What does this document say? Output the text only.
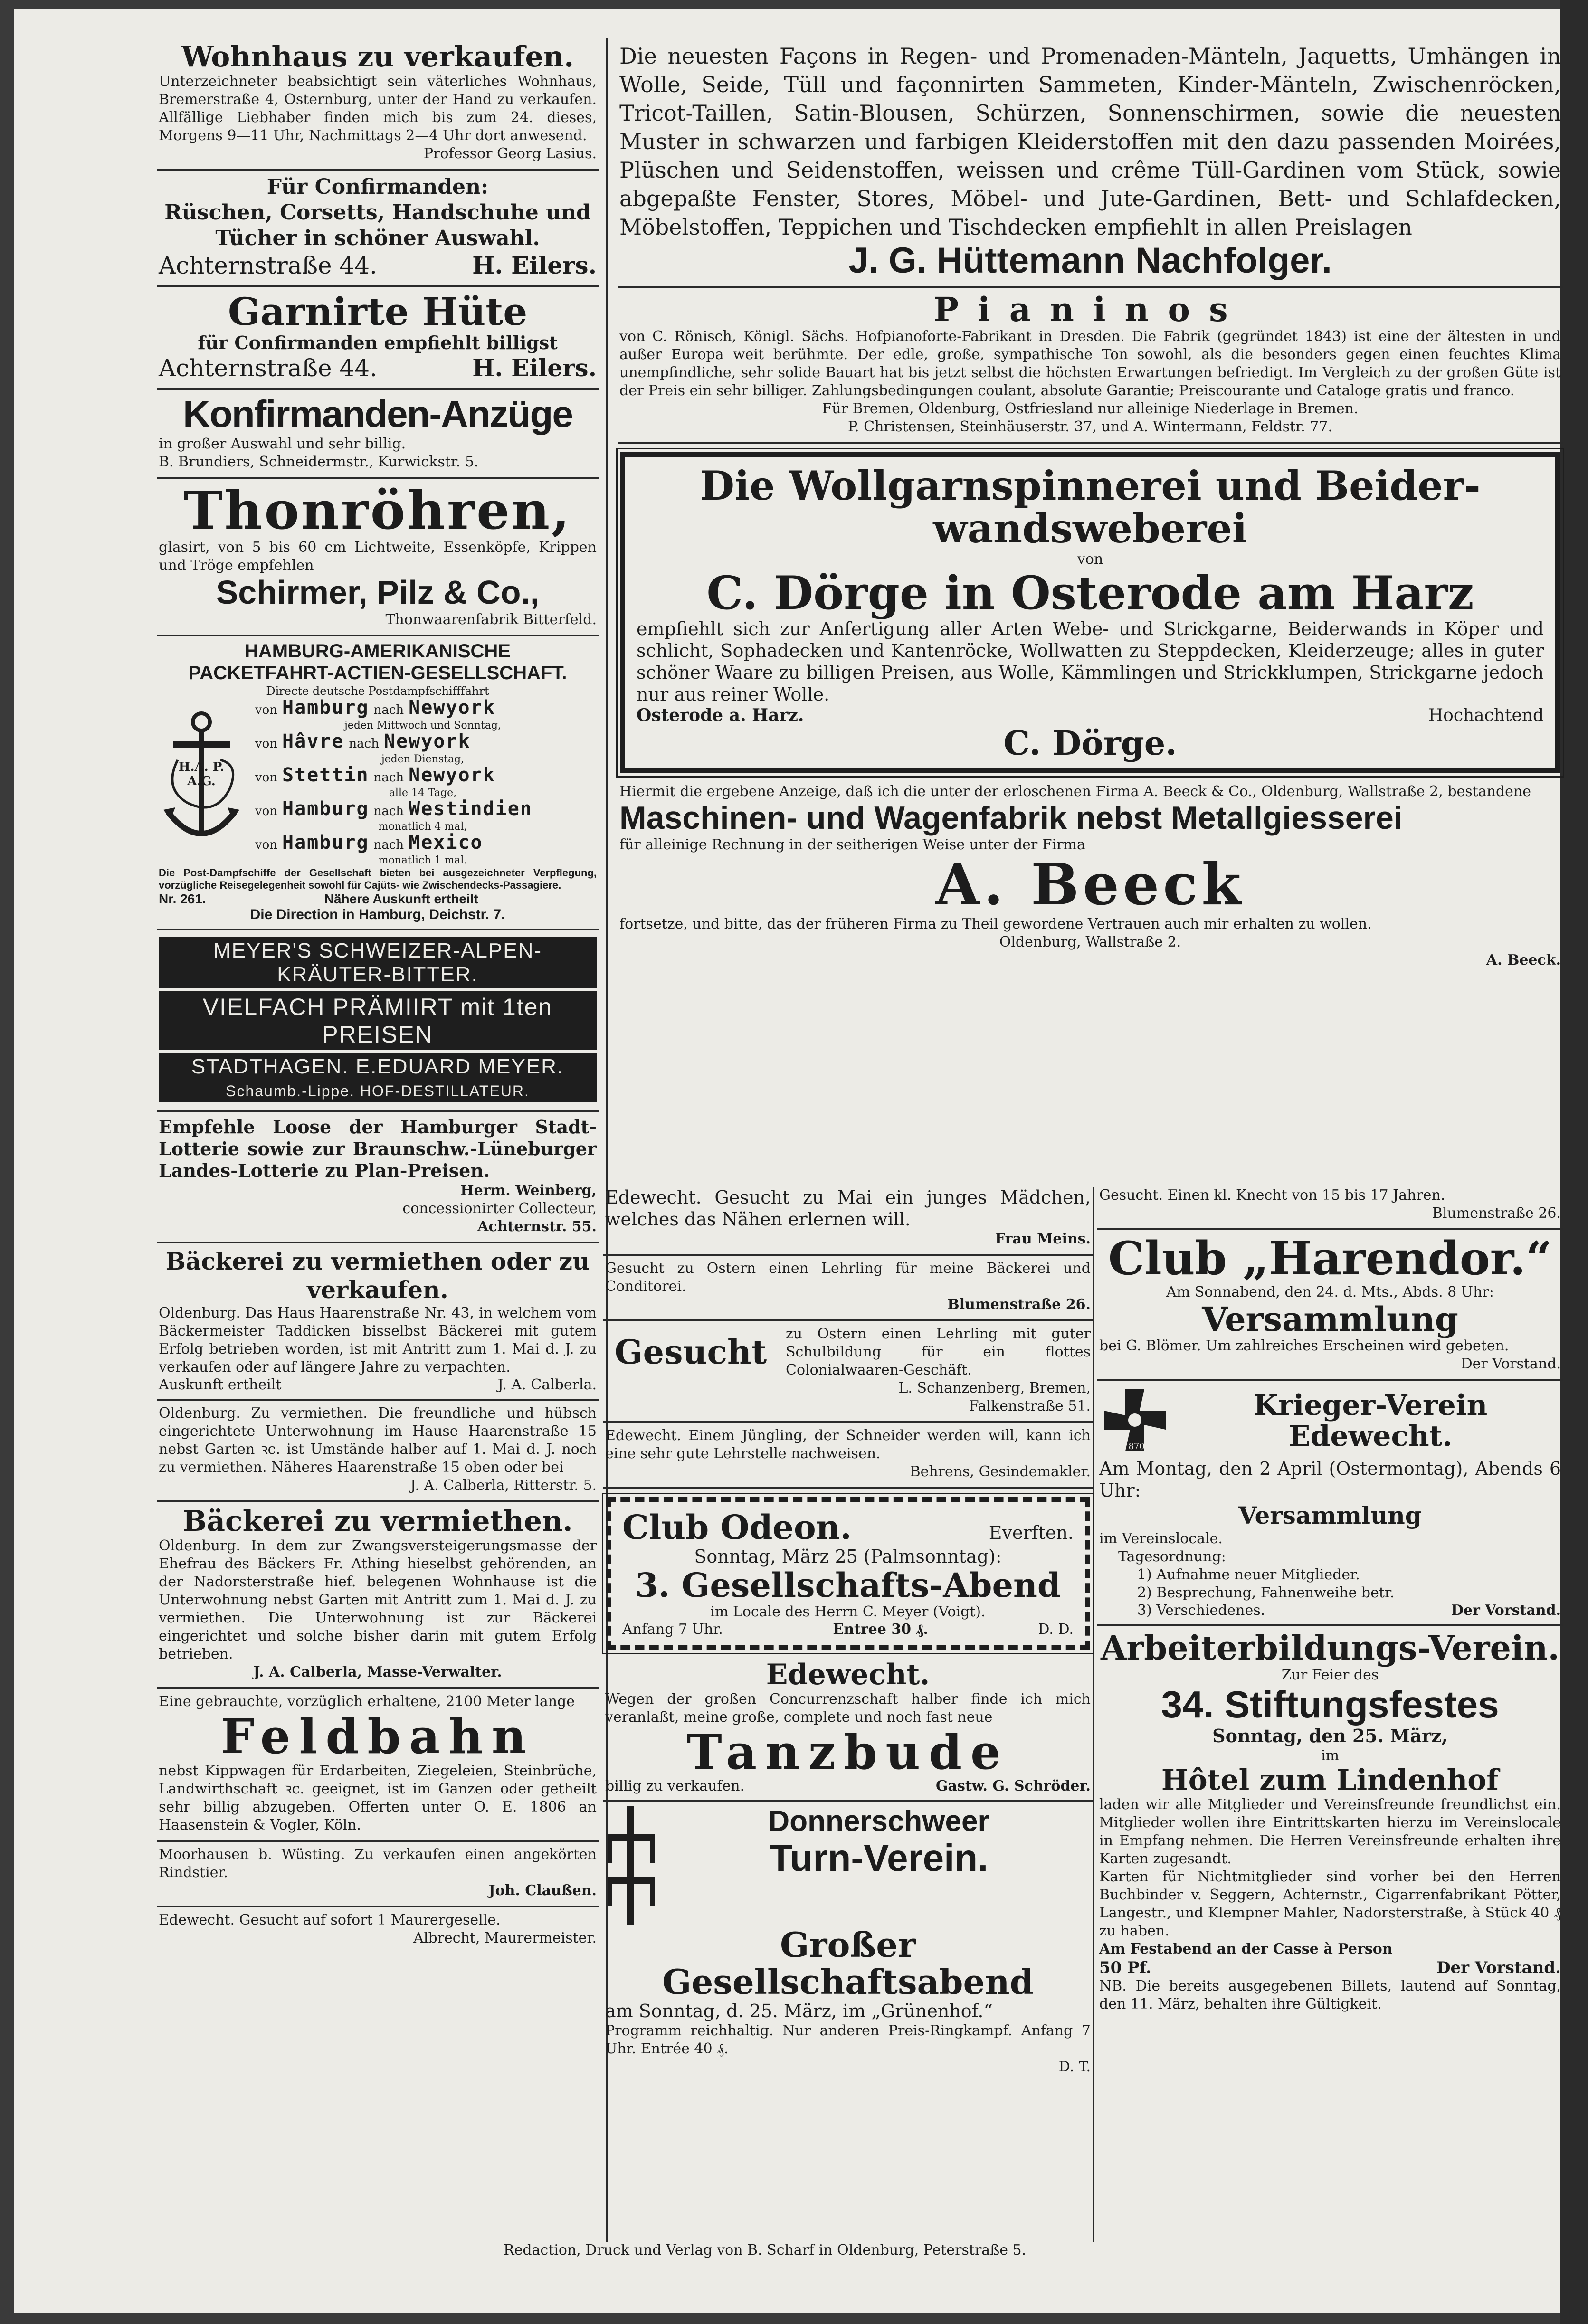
Wohnhaus zu verkaufen.

Unterzeichneter beabsichtigt sein väterliches Wohnhaus, Bremerstraße 4, Osternburg, unter der Hand zu verkaufen. Allfällige Liebhaber finden mich bis zum 24. dieses, Morgens 9—11 Uhr, Nachmittags 2—4 Uhr dort anwesend.

Professor Georg Lasius.

Für Confirmanden:
Rüschen, Corsetts, Handschuhe und Tücher in schöner Auswahl.
Achternstraße 44.	H. Eilers.
Garnirte Hüte
für Confirmanden empfiehlt billigst
Achternstraße 44.	H. Eilers.
Konfirmanden-Anzüge

in großer Auswahl und sehr billig.

B. Brundiers, Schneidermstr., Kurwickstr. 5.

Thonröhren,

glasirt, von 5 bis 60 cm Lichtweite, Essenköpfe, Krippen und Tröge empfehlen

Schirmer, Pilz & Co.,

Thonwaarenfabrik Bitterfeld.

HAMBURG-AMERIKANISCHE
PACKETFAHRT-ACTIEN-GESELLSCHAFT.
Directe deutsche Postdampfschifffahrt
H.A. P. A.G.
von Hamburg nach Newyork
jeden Mittwoch und Sonntag,
von Hâvre nach Newyork
jeden Dienstag,
von Stettin nach Newyork
alle 14 Tage,
von Hamburg nach Westindien
monatlich 4 mal,
von Hamburg nach Mexico
monatlich 1 mal.

Die Post-Dampfschiffe der Gesellschaft bieten bei ausgezeichneter Verpflegung, vorzügliche Reisegelegenheit sowohl für Cajüts- wie Zwischendecks-Passagiere.

Nr. 261.	Nähere Auskunft ertheilt
Die Direction in Hamburg, Deichstr. 7.
MEYER'S SCHWEIZER-ALPEN-KRÄUTER-BITTER.
VIELFACH PRÄMIIRT mit 1ten PREISEN
STADTHAGEN. E.EDUARD MEYER.
Schaumb.-Lippe. HOF-DESTILLATEUR.

Empfehle Loose der Hamburger Stadt-Lotterie sowie zur Braunschw.-Lüneburger Landes-Lotterie zu Plan-Preisen.

Herm. Weinberg,

concessionirter Collecteur,

Achternstr. 55.

Bäckerei zu vermiethen oder zu verkaufen.

Oldenburg. Das Haus Haarenstraße Nr. 43, in welchem vom Bäckermeister Taddicken bisselbst Bäckerei mit gutem Erfolg betrieben worden, ist mit Antritt zum 1. Mai d. J. zu verkaufen oder auf längere Jahre zu verpachten.

Auskunft ertheilt	J. A. Calberla.

Oldenburg. Zu vermiethen. Die freundliche und hübsch eingerichtete Unterwohnung im Hause Haarenstraße 15 nebst Garten ꝛc. ist Umstände halber auf 1. Mai d. J. noch zu vermiethen. Näheres Haarenstraße 15 oben oder bei

J. A. Calberla, Ritterstr. 5.

Bäckerei zu vermiethen.

Oldenburg. In dem zur Zwangsversteigerungsmasse der Ehefrau des Bäckers Fr. Athing hieselbst gehörenden, an der Nadorsterstraße hief. belegenen Wohnhause ist die Unterwohnung nebst Garten mit Antritt zum 1. Mai d. J. zu vermiethen. Die Unterwohnung ist zur Bäckerei eingerichtet und solche bisher darin mit gutem Erfolg betrieben.

J. A. Calberla, Masse-Verwalter.

Eine gebrauchte, vorzüglich erhaltene, 2100 Meter lange

Feldbahn

nebst Kippwagen für Erdarbeiten, Ziegeleien, Steinbrüche, Landwirthschaft ꝛc. geeignet, ist im Ganzen oder getheilt sehr billig abzugeben. Offerten unter O. E. 1806 an Haasenstein & Vogler, Köln.

Moorhausen b. Wüsting. Zu verkaufen einen angekörten Rindstier.

Joh. Claußen.

Edewecht. Gesucht auf sofort 1 Maurergeselle.

Albrecht, Maurermeister.

Die neuesten Façons in Regen- und Promenaden-Mänteln, Jaquetts, Umhängen in Wolle, Seide, Tüll und façonnirten Sammeten, Kinder-Mänteln, Zwischenröcken, Tricot-Taillen, Satin-Blousen, Schürzen, Sonnenschirmen, sowie die neuesten Muster in schwarzen und farbigen Kleiderstoffen mit den dazu passenden Moirées, Plüschen und Seidenstoffen, weissen und crême Tüll-Gardinen vom Stück, sowie abgepaßte Fenster, Stores, Möbel- und Jute-Gardinen, Bett- und Schlafdecken, Möbelstoffen, Teppichen und Tischdecken empfiehlt in allen Preislagen

J. G. Hüttemann Nachfolger.
Pianinos

von C. Rönisch, Königl. Sächs. Hofpianoforte-Fabrikant in Dresden. Die Fabrik (gegründet 1843) ist eine der ältesten in und außer Europa weit berühmte. Der edle, große, sympathische Ton sowohl, als die besonders gegen einen feuchtes Klima unempfindliche, sehr solide Bauart hat bis jetzt selbst die höchsten Erwartungen befriedigt. Im Vergleich zu der großen Güte ist der Preis ein sehr billiger. Zahlungsbedingungen coulant, absolute Garantie; Preiscourante und Cataloge gratis und franco.

Für Bremen, Oldenburg, Ostfriesland nur alleinige Niederlage in Bremen.

P. Christensen, Steinhäuserstr. 37, und A. Wintermann, Feldstr. 77.

Die Wollgarnspinnerei und Beider-
wandsweberei

von

C. Dörge in Osterode am Harz

empfiehlt sich zur Anfertigung aller Arten Webe- und Strickgarne, Beiderwands in Köper und schlicht, Sophadecken und Kantenröcke, Wollwatten zu Steppdecken, Kleiderzeuge; alles in guter schöner Waare zu billigen Preisen, aus Wolle, Kämmlingen und Strickklumpen, Strickgarne jedoch nur aus reiner Wolle.

Osterode a. Harz.	Hochachtend
C. Dörge.

Hiermit die ergebene Anzeige, daß ich die unter der erloschenen Firma A. Beeck & Co., Oldenburg, Wallstraße 2, bestandene

Maschinen- und Wagenfabrik nebst Metallgiesserei

für alleinige Rechnung in der seitherigen Weise unter der Firma

A. Beeck

fortsetze, und bitte, das der früheren Firma zu Theil gewordene Vertrauen auch mir erhalten zu wollen.

Oldenburg, Wallstraße 2.

A. Beeck.

Edewecht. Gesucht zu Mai ein junges Mädchen, welches das Nähen erlernen will.

Frau Meins.

Gesucht zu Ostern einen Lehrling für meine Bäckerei und Conditorei.

Blumenstraße 26.

Gesucht	zu Ostern einen Lehrling mit guter Schulbildung für ein flottes Colonialwaaren-Geschäft.

L. Schanzenberg, Bremen,

Falkenstraße 51.

Edewecht. Einem Jüngling, der Schneider werden will, kann ich eine sehr gute Lehrstelle nachweisen.

Behrens, Gesindemakler.

Club Odeon.	Everften.

Sonntag, März 25 (Palmsonntag):

3. Gesellschafts-Abend

im Locale des Herrn C. Meyer (Voigt).

Anfang 7 Uhr.	Entree 30 ₰.	D. D.
Edewecht.

Wegen der großen Concurrenzschaft halber finde ich mich veranlaßt, meine große, complete und noch fast neue

Tanzbude
billig zu verkaufen.	Gastw. G. Schröder.
Donnerschweer
Turn-Verein.
Großer Gesellschaftsabend

am Sonntag, d. 25. März, im „Grünenhof.“

Programm reichhaltig. Nur anderen Preis-Ringkampf. Anfang 7 Uhr. Entrée 40 ₰.

D. T.

Gesucht. Einen kl. Knecht von 15 bis 17 Jahren.

Blumenstraße 26.

Club „Harendor.“

Am Sonnabend, den 24. d. Mts., Abds. 8 Uhr:

Versammlung

bei G. Blömer. Um zahlreiches Erscheinen wird gebeten.

Der Vorstand.

1870
Krieger-Verein
Edewecht.

Am Montag, den 2 April (Ostermontag), Abends 6 Uhr:

Versammlung

im Vereinslocale.

Tagesordnung:

1) Aufnahme neuer Mitglieder.

2) Besprechung, Fahnenweihe betr.

3) Verschiedenes.	Der Vorstand.
Arbeiterbildungs-Verein.

Zur Feier des

34. Stiftungsfestes

Sonntag, den 25. März,

im

Hôtel zum Lindenhof

laden wir alle Mitglieder und Vereinsfreunde freundlichst ein. Mitglieder wollen ihre Eintrittskarten hierzu im Vereinslocale in Empfang nehmen. Die Herren Vereinsfreunde erhalten ihre Karten zugesandt.

Karten für Nichtmitglieder sind vorher bei den Herren Buchbinder v. Seggern, Achternstr., Cigarrenfabrikant Pötter, Langestr., und Klempner Mahler, Nadorsterstraße, à Stück 40 ₰ zu haben.

Am Festabend an der Casse à Person

50 Pf.	Der Vorstand.

NB. Die bereits ausgegebenen Billets, lautend auf Sonntag, den 11. März, behalten ihre Gültigkeit.

Redaction, Druck und Verlag von B. Scharf in Oldenburg, Peterstraße 5.
